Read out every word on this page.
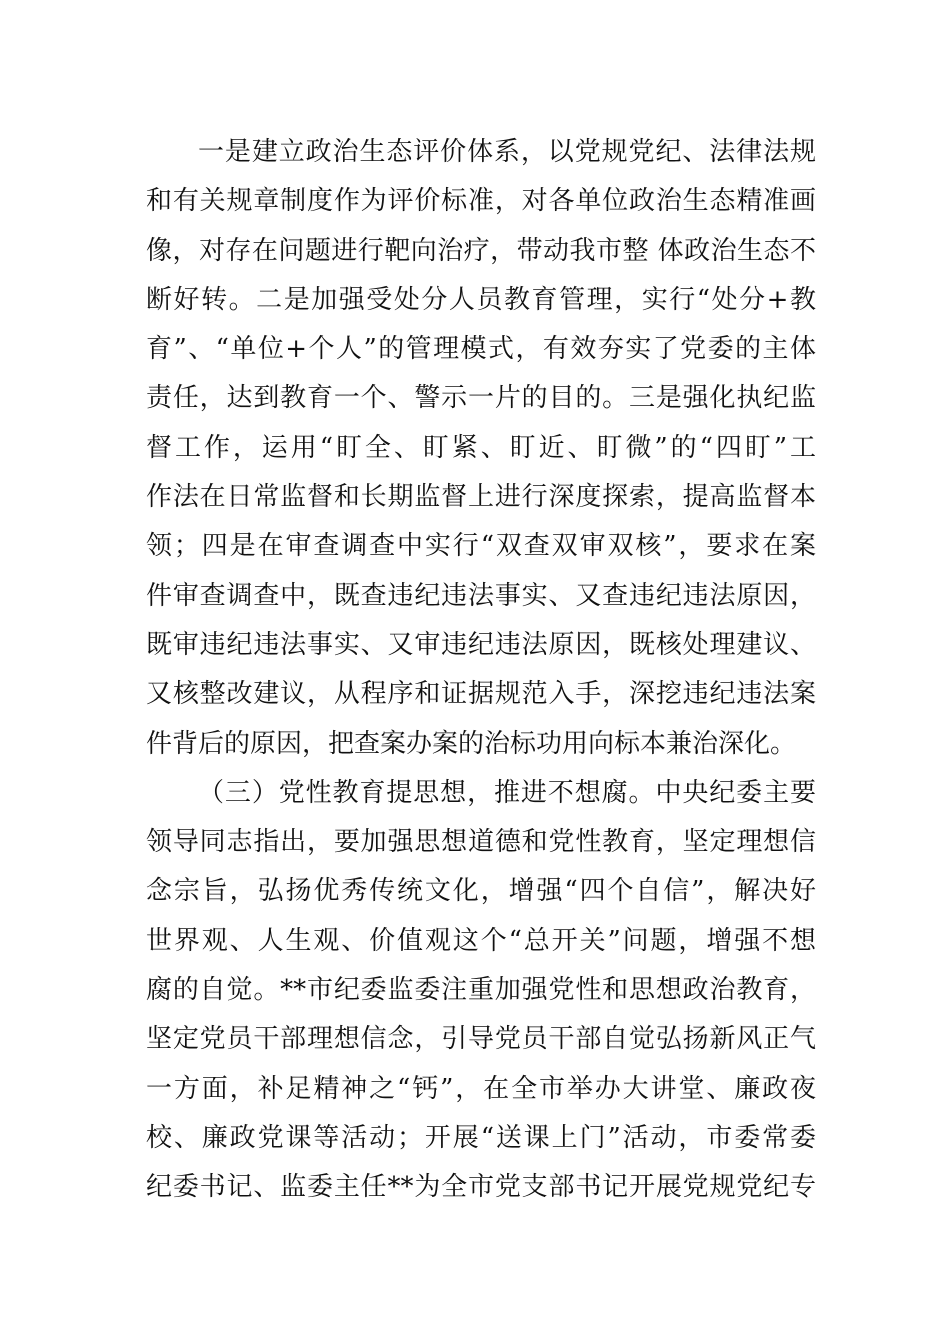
一是建立政治生态评价体系，以党规党纪、法律法规
和有关规章制度作为评价标准，对各单位政治生态精准画
像，对存在问题进行靶向治疗，带动我市整 体政治生态不
断好转。二是加强受处分人员教育管理，实行“处分+教
育”、“单位+个人”的管理模式，有效夯实了党委的主体
责任，达到教育一个、警示一片的目的。三是强化执纪监
督工作，运用“盯全、盯紧、盯近、盯微”的“四盯”工
作法在日常监督和长期监督上进行深度探索，提高监督本
领；四是在审查调查中实行“双查双审双核”，要求在案
件审查调查中，既查违纪违法事实、又查违纪违法原因，
既审违纪违法事实、又审违纪违法原因，既核处理建议、
又核整改建议，从程序和证据规范入手，深挖违纪违法案
件背后的原因，把查案办案的治标功用向标本兼治深化。
（三）党性教育提思想，推进不想腐。中央纪委主要
领导同志指出，要加强思想道德和党性教育，坚定理想信
念宗旨，弘扬优秀传统文化，增强“四个自信”，解决好
世界观、人生观、价值观这个“总开关”问题，增强不想
腐的自觉。**市纪委监委注重加强党性和思想政治教育，
坚定党员干部理想信念，引导党员干部自觉弘扬新风正气
一方面，补足精神之“钙”，在全市举办大讲堂、廉政夜
校、廉政党课等活动；开展“送课上门”活动，市委常委
纪委书记、监委主任**为全市党支部书记开展党规党纪专
